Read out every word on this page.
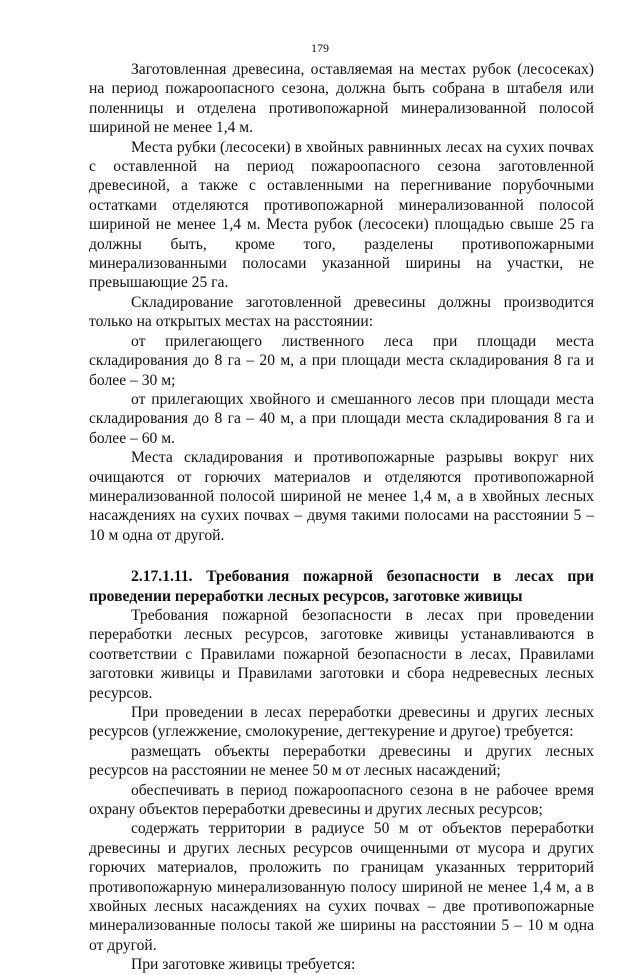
179

Заготовленная древесина, оставляемая на местах рубок (лесосеках) на период пожароопасного сезона, должна быть собрана в штабеля или поленницы и отделена противопожарной минерализованной полосой шириной не менее 1,4 м.

Места рубки (лесосеки) в хвойных равнинных лесах на сухих почвах с оставленной на период пожароопасного сезона заготовленной древесиной, а также с оставленными на перегнивание порубочными остатками отделяются противопожарной минерализованной полосой шириной не менее 1,4 м. Места рубок (лесосеки) площадью свыше 25 га должны быть, кроме того, разделены противопожарными минерализованными полосами указанной ширины на участки, не превышающие 25 га.

Складирование заготовленной древесины должны производится только на открытых местах на расстоянии:

от прилегающего лиственного леса при площади места складирования до 8 га – 20 м, а при площади места складирования 8 га и более – 30 м;

от прилегающих хвойного и смешанного лесов при площади места складирования до 8 га – 40 м, а при площади места складирования 8 га и более – 60 м.

Места складирования и противопожарные разрывы вокруг них очищаются от горючих материалов и отделяются противопожарной минерализованной полосой шириной не менее 1,4 м, а в хвойных лесных насаждениях на сухих почвах – двумя такими полосами на расстоянии 5 – 10 м одна от другой.

2.17.1.11. Требования пожарной безопасности в лесах при проведении переработки лесных ресурсов, заготовке живицы

Требования пожарной безопасности в лесах при проведении переработки лесных ресурсов, заготовке живицы устанавливаются в соответствии с Правилами пожарной безопасности в лесах, Правилами заготовки живицы и Правилами заготовки и сбора недревесных лесных ресурсов.

При проведении в лесах переработки древесины и других лесных ресурсов (углежжение, смолокурение, дегтекурение и другое) требуется:

размещать объекты переработки древесины и других лесных ресурсов на расстоянии не менее 50 м от лесных насаждений;

обеспечивать в период пожароопасного сезона в не рабочее время охрану объектов переработки древесины и других лесных ресурсов;

содержать территории в радиусе 50 м от объектов переработки древесины и других лесных ресурсов очищенными от мусора и других горючих материалов, проложить по границам указанных территорий противопожарную минерализованную полосу шириной не менее 1,4 м, а в хвойных лесных насаждениях на сухих почвах – две противопожарные минерализованные полосы такой же ширины на расстоянии 5 – 10 м одна от другой.

При заготовке живицы требуется:
